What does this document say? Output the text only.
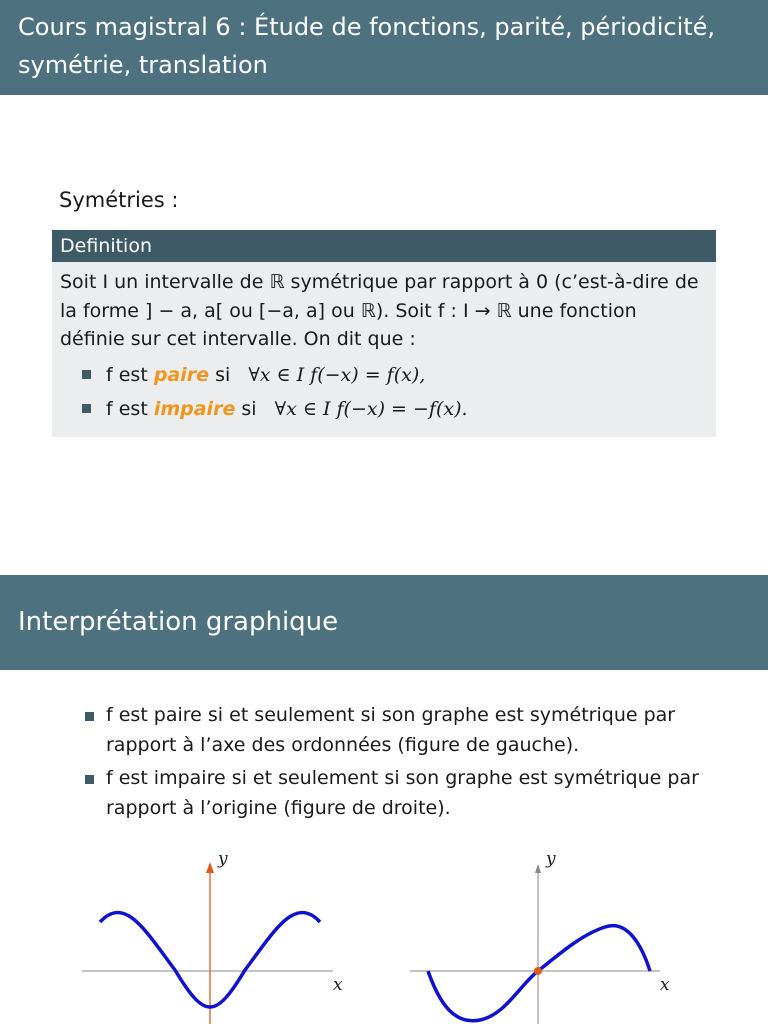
Cours magistral 6 : Étude de fonctions, parité, périodicité,
symétrie, translation
Symétries :
Definition
Soit I un intervalle de ℝ symétrique par rapport à 0 (c’est-à-dire de
la forme ] − a, a[ ou [−a, a] ou ℝ). Soit f : I → ℝ une fonction
définie sur cet intervalle. On dit que :
f est paire si ∀x ∈ I f(−x) = f(x),
f est impaire si ∀x ∈ I f(−x) = −f(x).
Interprétation graphique
f est paire si et seulement si son graphe est symétrique par
rapport à l’axe des ordonnées (figure de gauche).
f est impaire si et seulement si son graphe est symétrique par
rapport à l’origine (figure de droite).
y
x
y
x
